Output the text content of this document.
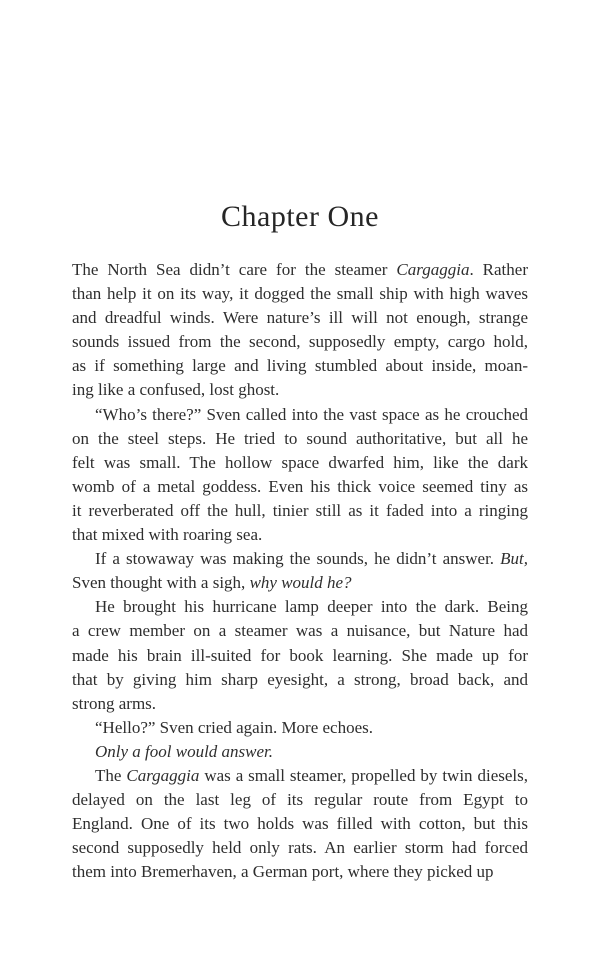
Chapter One
The North Sea didn’t care for the steamer Cargaggia. Rather
than help it on its way, it dogged the small ship with high waves
and dreadful winds. Were nature’s ill will not enough, strange
sounds issued from the second, supposedly empty, cargo hold,
as if something large and living stumbled about inside, moan-
ing like a confused, lost ghost.
“Who’s there?” Sven called into the vast space as he crouched
on the steel steps. He tried to sound authoritative, but all he
felt was small. The hollow space dwarfed him, like the dark
womb of a metal goddess. Even his thick voice seemed tiny as
it reverberated off the hull, tinier still as it faded into a ringing
that mixed with roaring sea.
If a stowaway was making the sounds, he didn’t answer. But,
Sven thought with a sigh, why would he?
He brought his hurricane lamp deeper into the dark. Being
a crew member on a steamer was a nuisance, but Nature had
made his brain ill-suited for book learning. She made up for
that by giving him sharp eyesight, a strong, broad back, and
strong arms.
“Hello?” Sven cried again. More echoes.
Only a fool would answer.
The Cargaggia was a small steamer, propelled by twin diesels,
delayed on the last leg of its regular route from Egypt to
England. One of its two holds was filled with cotton, but this
second supposedly held only rats. An earlier storm had forced
them into Bremerhaven, a German port, where they picked up
